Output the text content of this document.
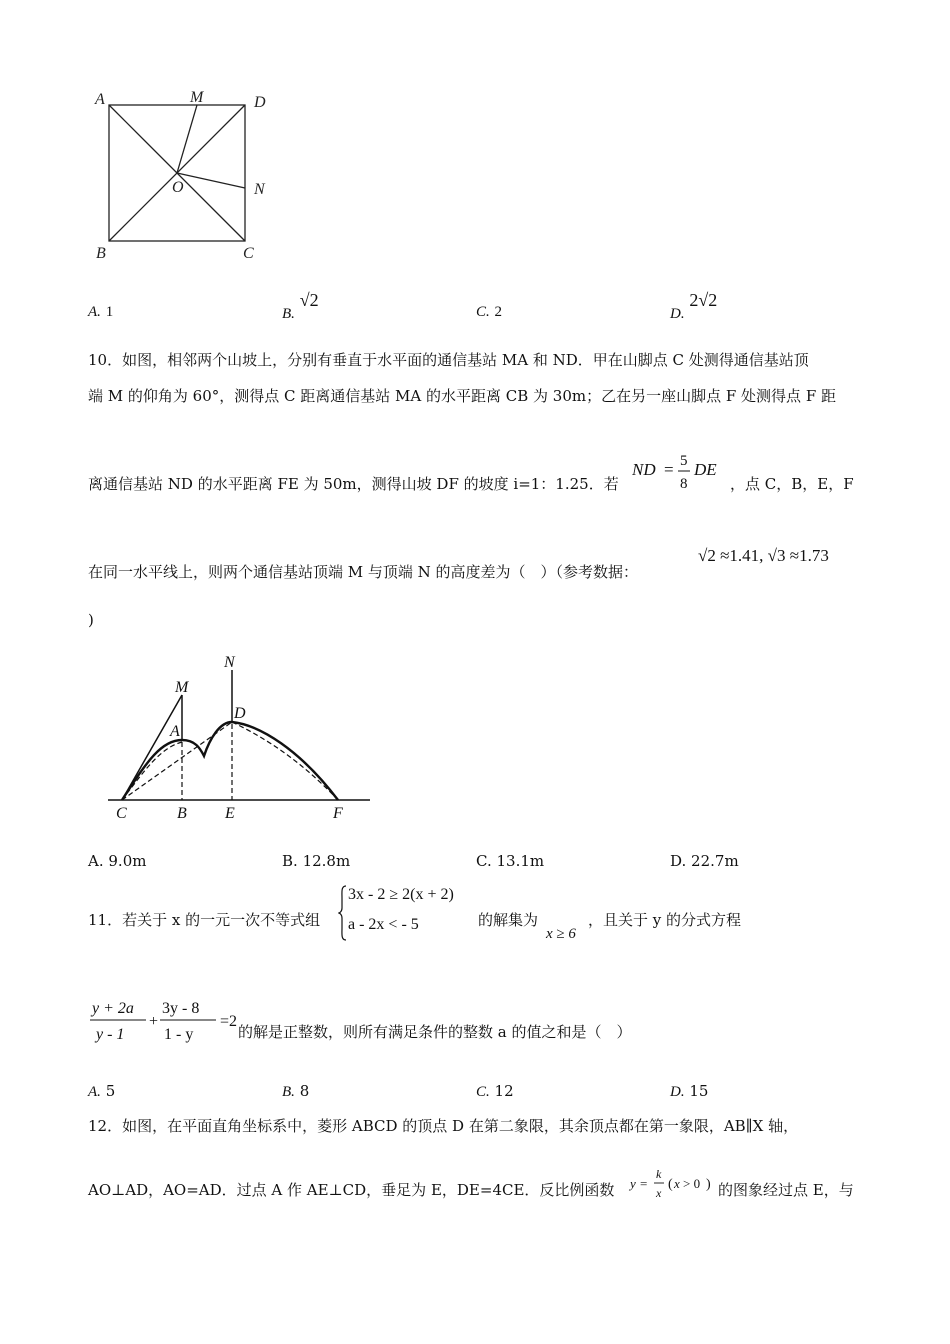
A	M	D
O	N
B	C
A. 1	B. √2
C. 2	D. 2√2
10．如图，相邻两个山坡上，分别有垂直于水平面的通信基站 MA 和 ND．甲在山脚点 C 处测得通信基站顶
端 M 的仰角为 60°，测得点 C 距离通信基站 MA 的水平距离 CB 为 30m；乙在另一座山脚点 F 处测得点 F 距
离通信基站 ND 的水平距离 FE 为 50m，测得山坡 DF 的坡度 i=1：1.25．若
ND = 5
8
DE
，点 C，B，E，F
在同一水平线上，则两个通信基站顶端 M 与顶端 N 的高度差为（　）（参考数据：
√2 ≈1.41, √3 ≈1.73
)
M
N
A
D
C	B E	F
A. 9.0m	B. 12.8m	C. 13.1m	D. 22.7m
11．若关于 x 的一元一次不等式组
3x - 2 ≥ 2(x + 2)
a - 2x < - 5	的解集为
x ≥ 6
，且关于 y 的分式方程
y + 2a
y - 1
+
3y - 8
1 - y
=2
的解是正整数，则所有满足条件的整数 a 的值之和是（　）
A. 5	B. 8	C. 12	D. 15
12．如图，在平面直角坐标系中，菱形 ABCD 的顶点 D 在第二象限，其余顶点都在第一象限，AB∥X 轴，
AO⊥AD，AO=AD．过点 A 作 AE⊥CD，垂足为 E，DE=4CE．反比例函数 y =
k
x
( x > 0 ) 的图象经过点 E，与
